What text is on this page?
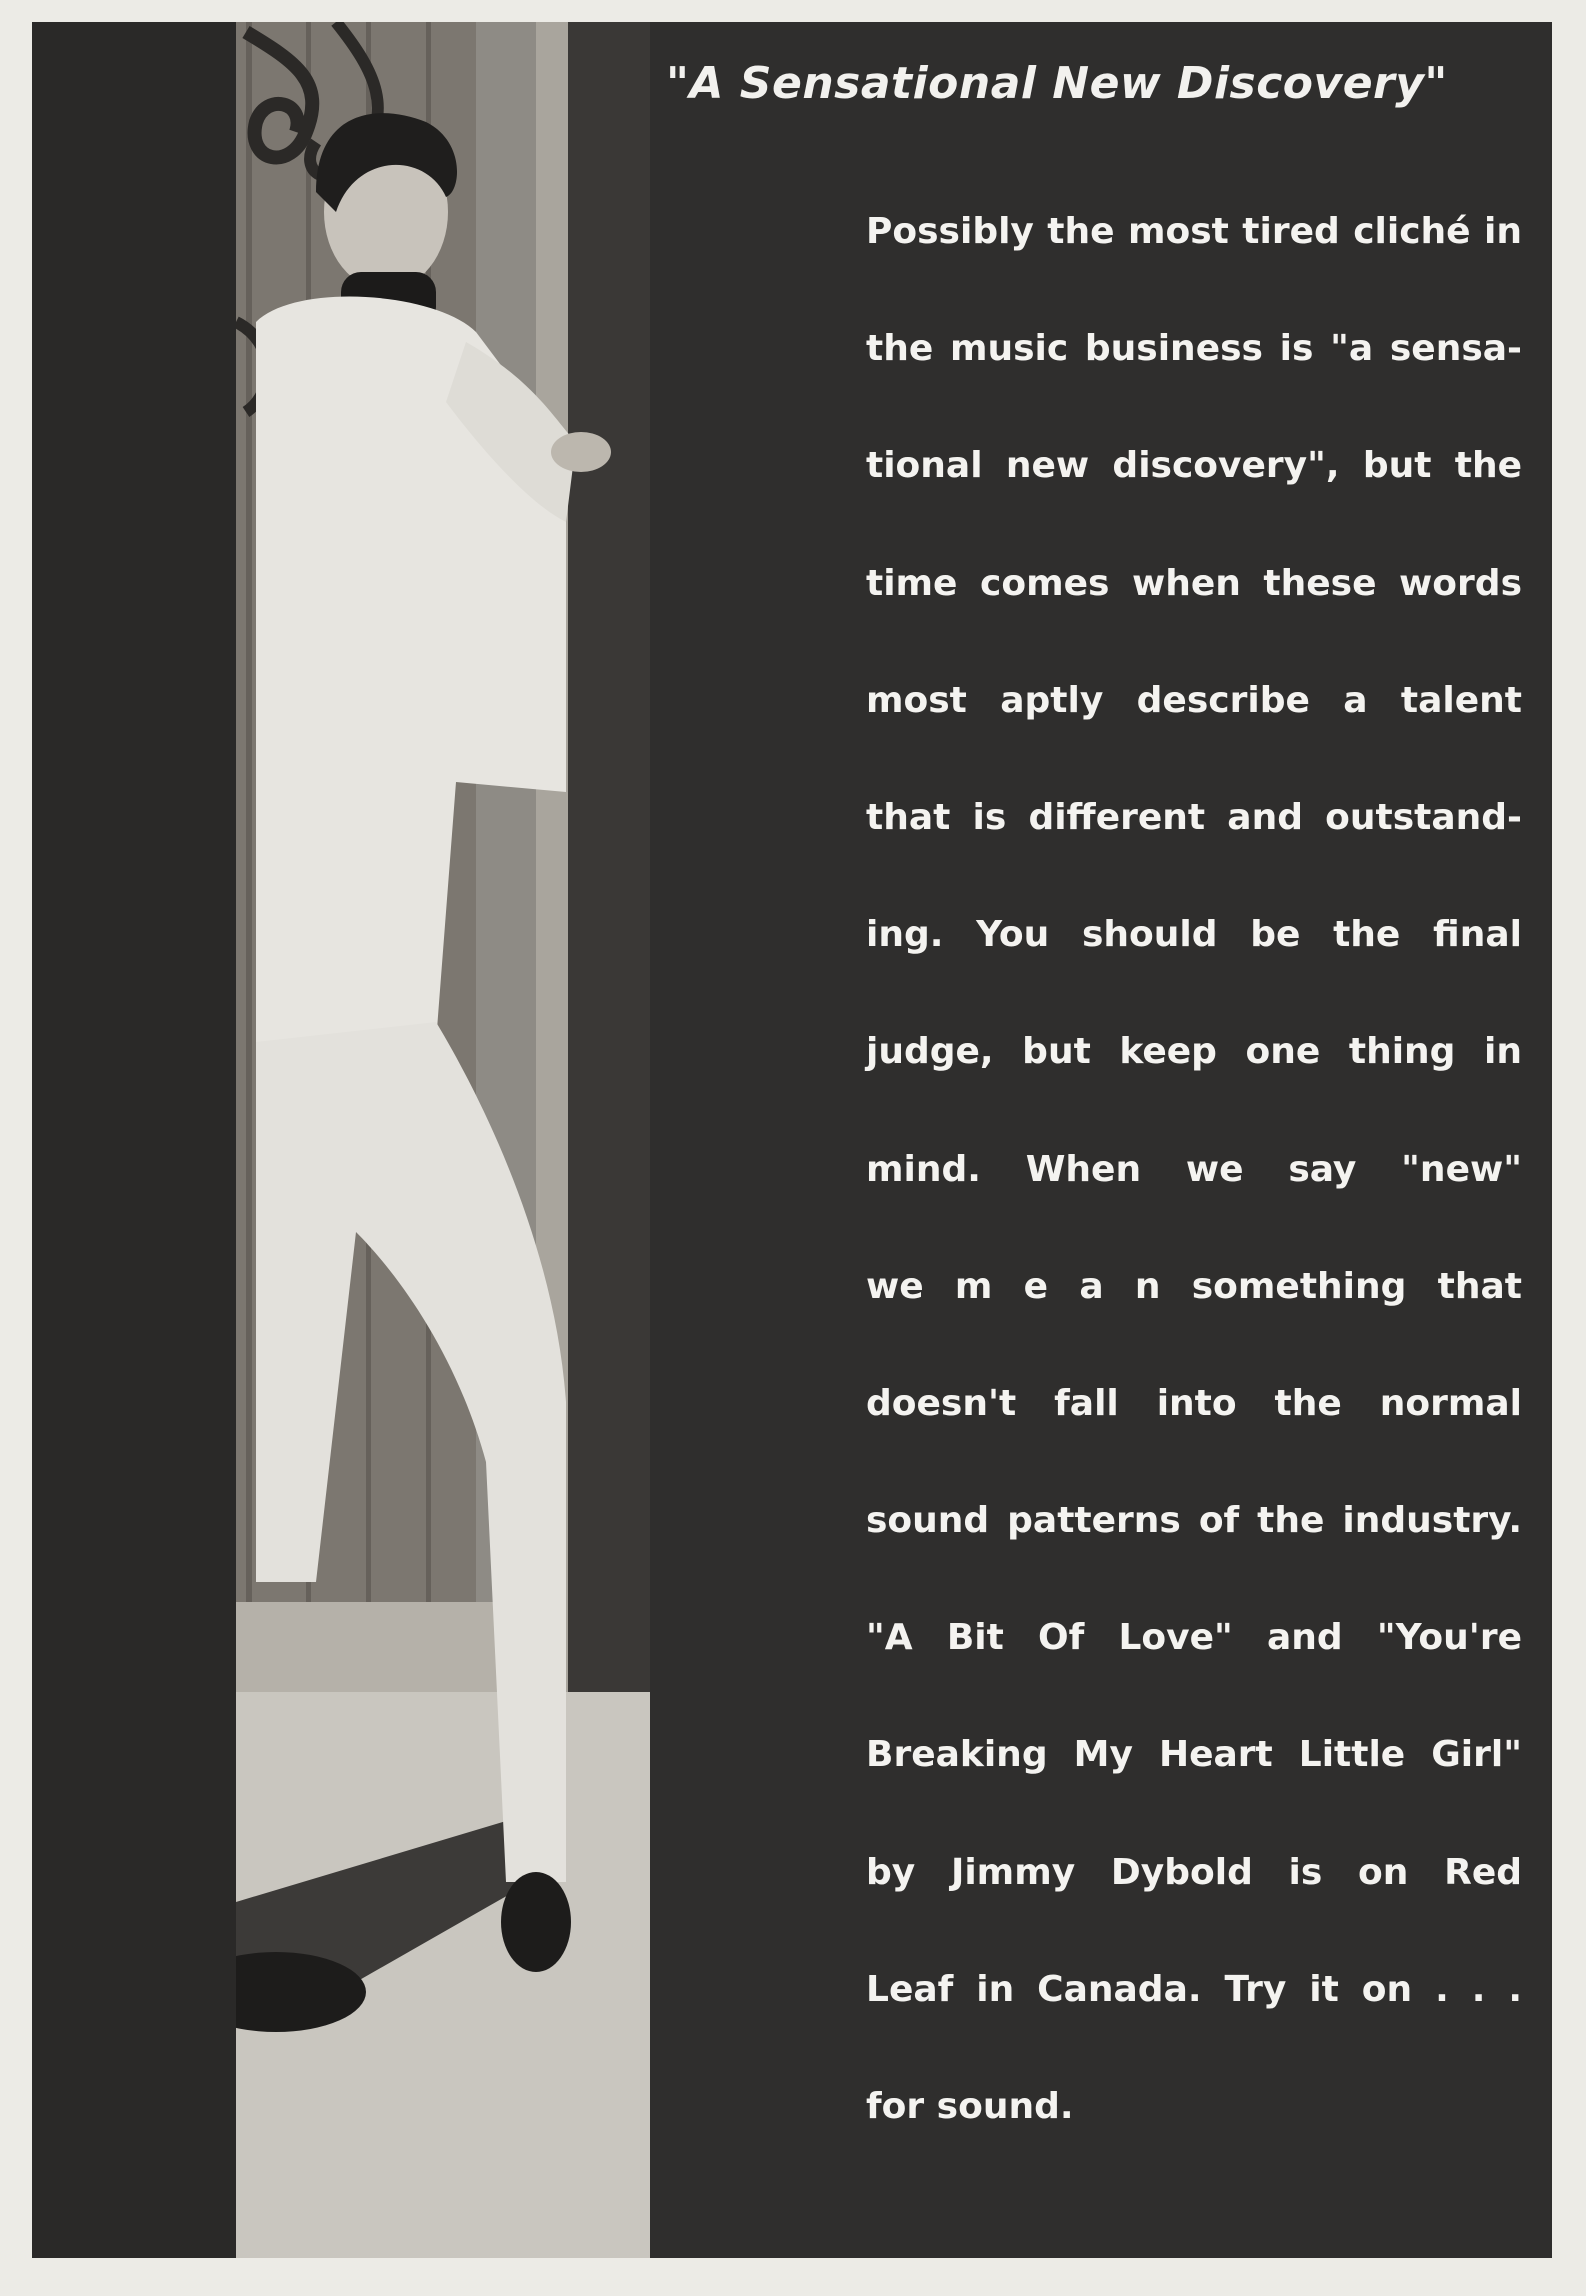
"A Sensational New Discovery"
Possibly the most tired cliché in
the music business is "a sensa-
tional new discovery", but the
time comes when these words
most aptly describe a talent
that is different and outstand-
ing. You should be the final
judge, but keep one thing in
mind. When we say "new"
we m e a n something that
doesn't fall into the normal
sound patterns of the industry.
"A Bit Of Love" and "You're
Breaking My Heart Little Girl"
by Jimmy Dybold is on Red
Leaf in Canada. Try it on . . .
for sound.
